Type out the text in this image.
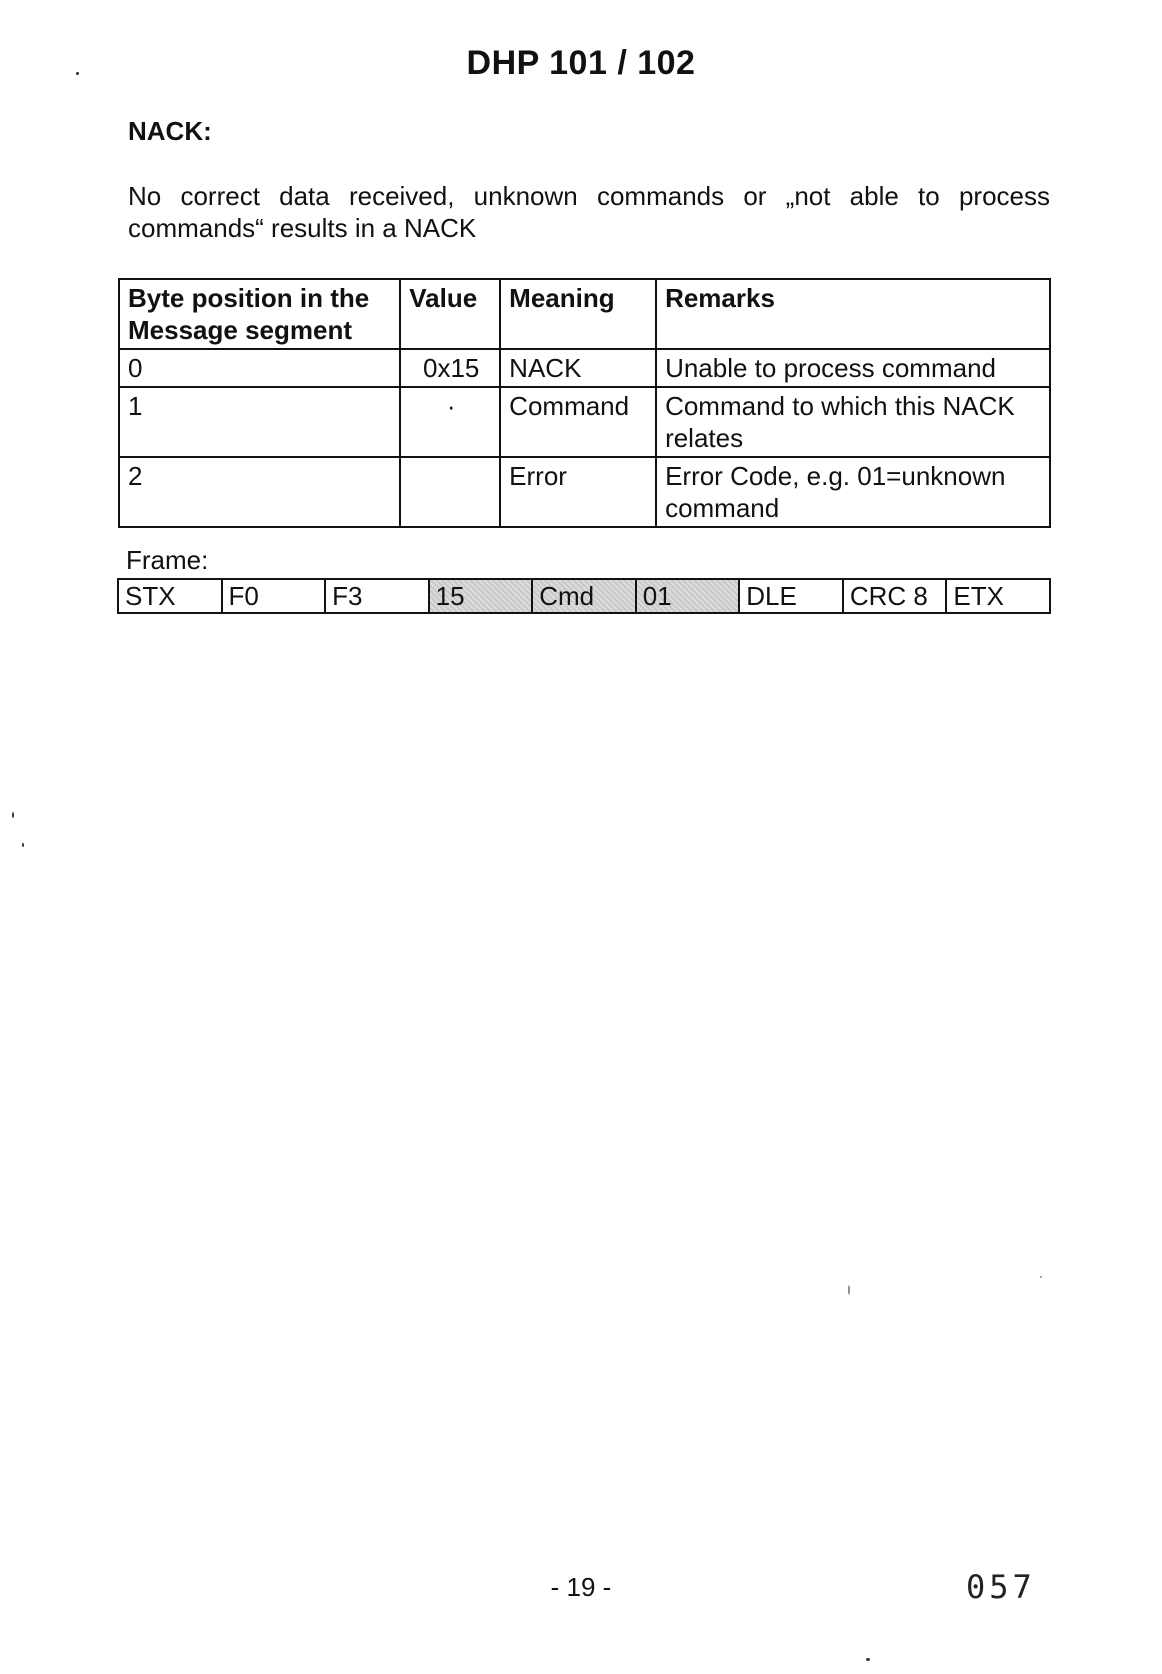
DHP 101 / 102
NACK:
No correct data received, unknown commands or „not able to process commands“ results in a NACK
Byte position in the Message segment	Value	Meaning	Remarks
0	0x15	NACK	Unable to process command
1	·	Command	Command to which this NACK relates
2		Error	Error Code, e.g. 01=unknown command
Frame:
STX	F0	F3	15	Cmd	01	DLE	CRC 8	ETX
- 19 -	057
